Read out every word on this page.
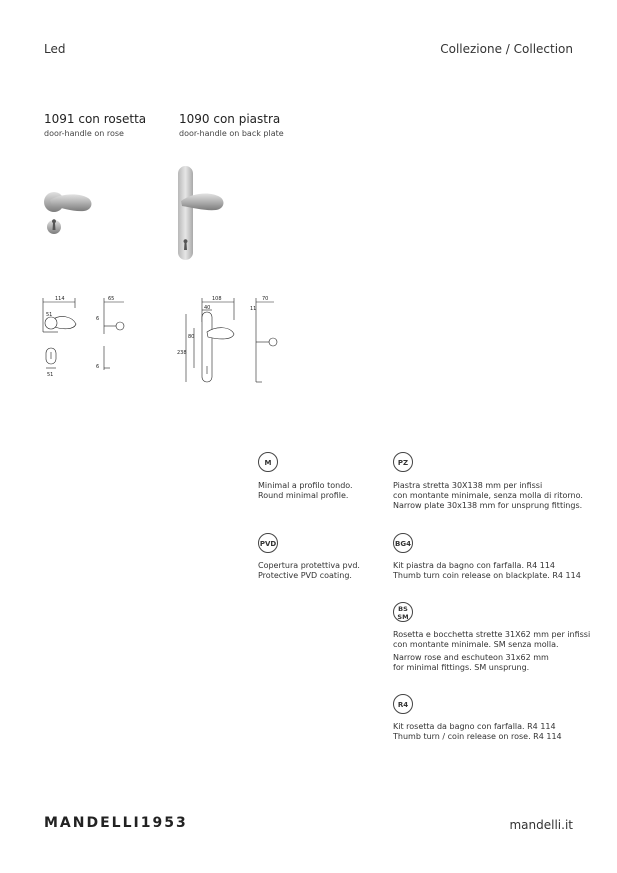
Led	Collezione / Collection
1091 con rosetta
door-handle on rose
1090 con piastra
door-handle on back plate
114	65
51
6
51
6
108
40
70
11
238
80
M
Minimal a profilo tondo.
Round minimal profile.
PZ
Piastra stretta 30X138 mm per infissi
con montante minimale, senza molla di ritorno.
Narrow plate 30x138 mm for unsprung fittings.
PVD
Copertura protettiva pvd.
Protective PVD coating.
BG4
Kit piastra da bagno con farfalla. R4 114
Thumb turn coin release on blackplate. R4 114
BS
SM
Rosetta e bocchetta strette 31X62 mm per infissi
con montante minimale. SM senza molla.
Narrow rose and eschuteon 31x62 mm
for minimal fittings. SM unsprung.
R4
Kit rosetta da bagno con farfalla. R4 114
Thumb turn / coin release on rose. R4 114
MANDELLI1953	mandelli.it
